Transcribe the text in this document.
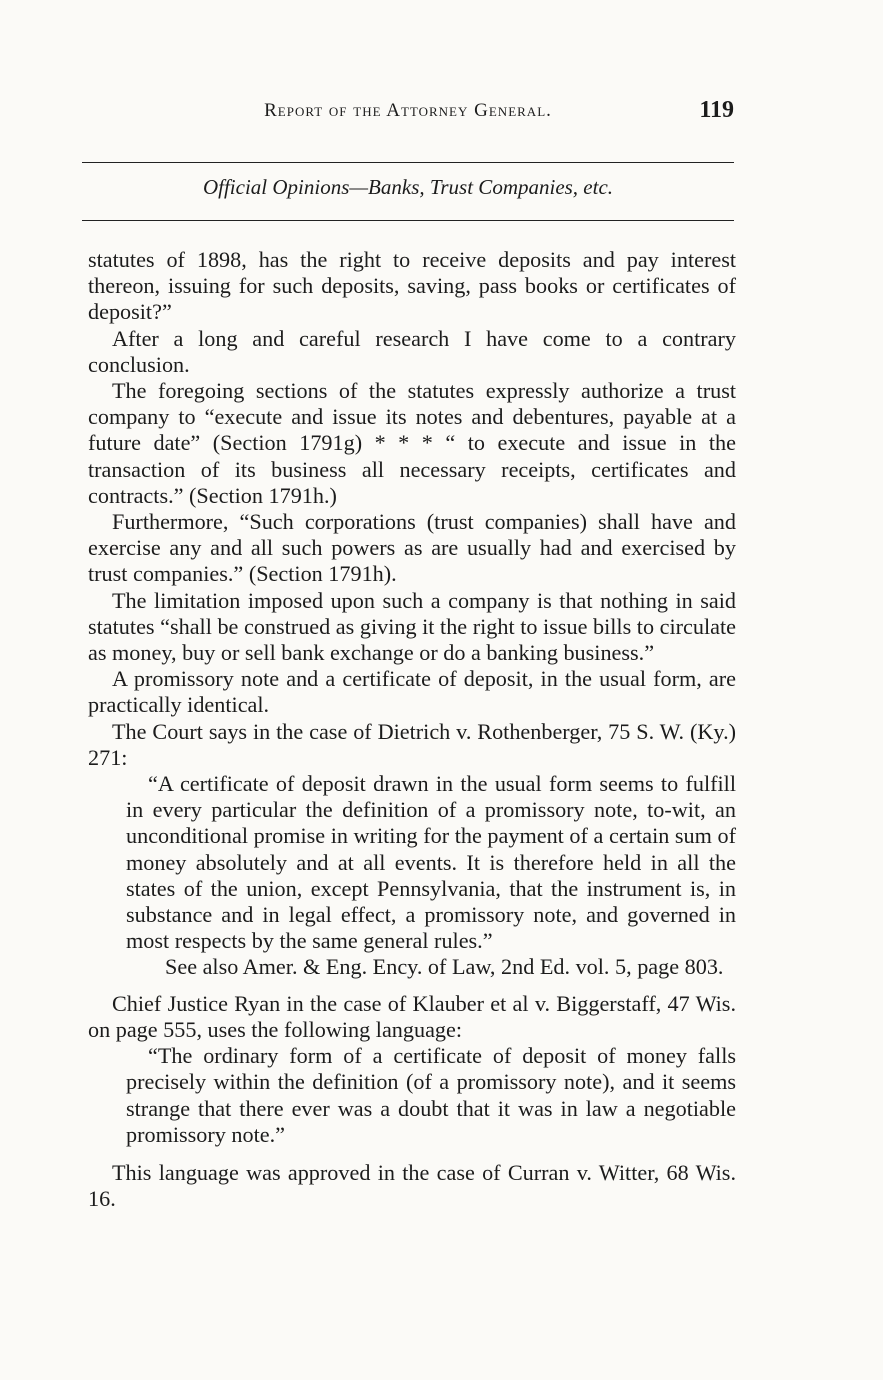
Report of the Attorney General.	119
Official Opinions—Banks, Trust Companies, etc.

statutes of 1898, has the right to receive deposits and pay interest thereon, issuing for such deposits, saving, pass books or certificates of deposit?”

After a long and careful research I have come to a contrary conclusion.

The foregoing sections of the statutes expressly authorize a trust company to “execute and issue its notes and debentures, payable at a future date” (Section 1791g) * * * “ to execute and issue in the transaction of its business all necessary receipts, certificates and contracts.” (Section 1791h.)

Furthermore, “Such corporations (trust companies) shall have and exercise any and all such powers as are usually had and exercised by trust companies.” (Section 1791h).

The limitation imposed upon such a company is that nothing in said statutes “shall be construed as giving it the right to issue bills to circulate as money, buy or sell bank exchange or do a banking business.”

A promissory note and a certificate of deposit, in the usual form, are practically identical.

The Court says in the case of Dietrich v. Rothenberger, 75 S. W. (Ky.) 271:

“A certificate of deposit drawn in the usual form seems to fulfill in every particular the definition of a promissory note, to-wit, an unconditional promise in writing for the payment of a certain sum of money absolutely and at all events. It is therefore held in all the states of the union, except Pennsylvania, that the instrument is, in substance and in legal effect, a promissory note, and governed in most respects by the same general rules.”

See also Amer. & Eng. Ency. of Law, 2nd Ed. vol. 5, page 803.

Chief Justice Ryan in the case of Klauber et al v. Biggerstaff, 47 Wis. on page 555, uses the following language:

“The ordinary form of a certificate of deposit of money falls precisely within the definition (of a promissory note), and it seems strange that there ever was a doubt that it was in law a negotiable promissory note.”

This language was approved in the case of Curran v. Witter, 68 Wis. 16.
